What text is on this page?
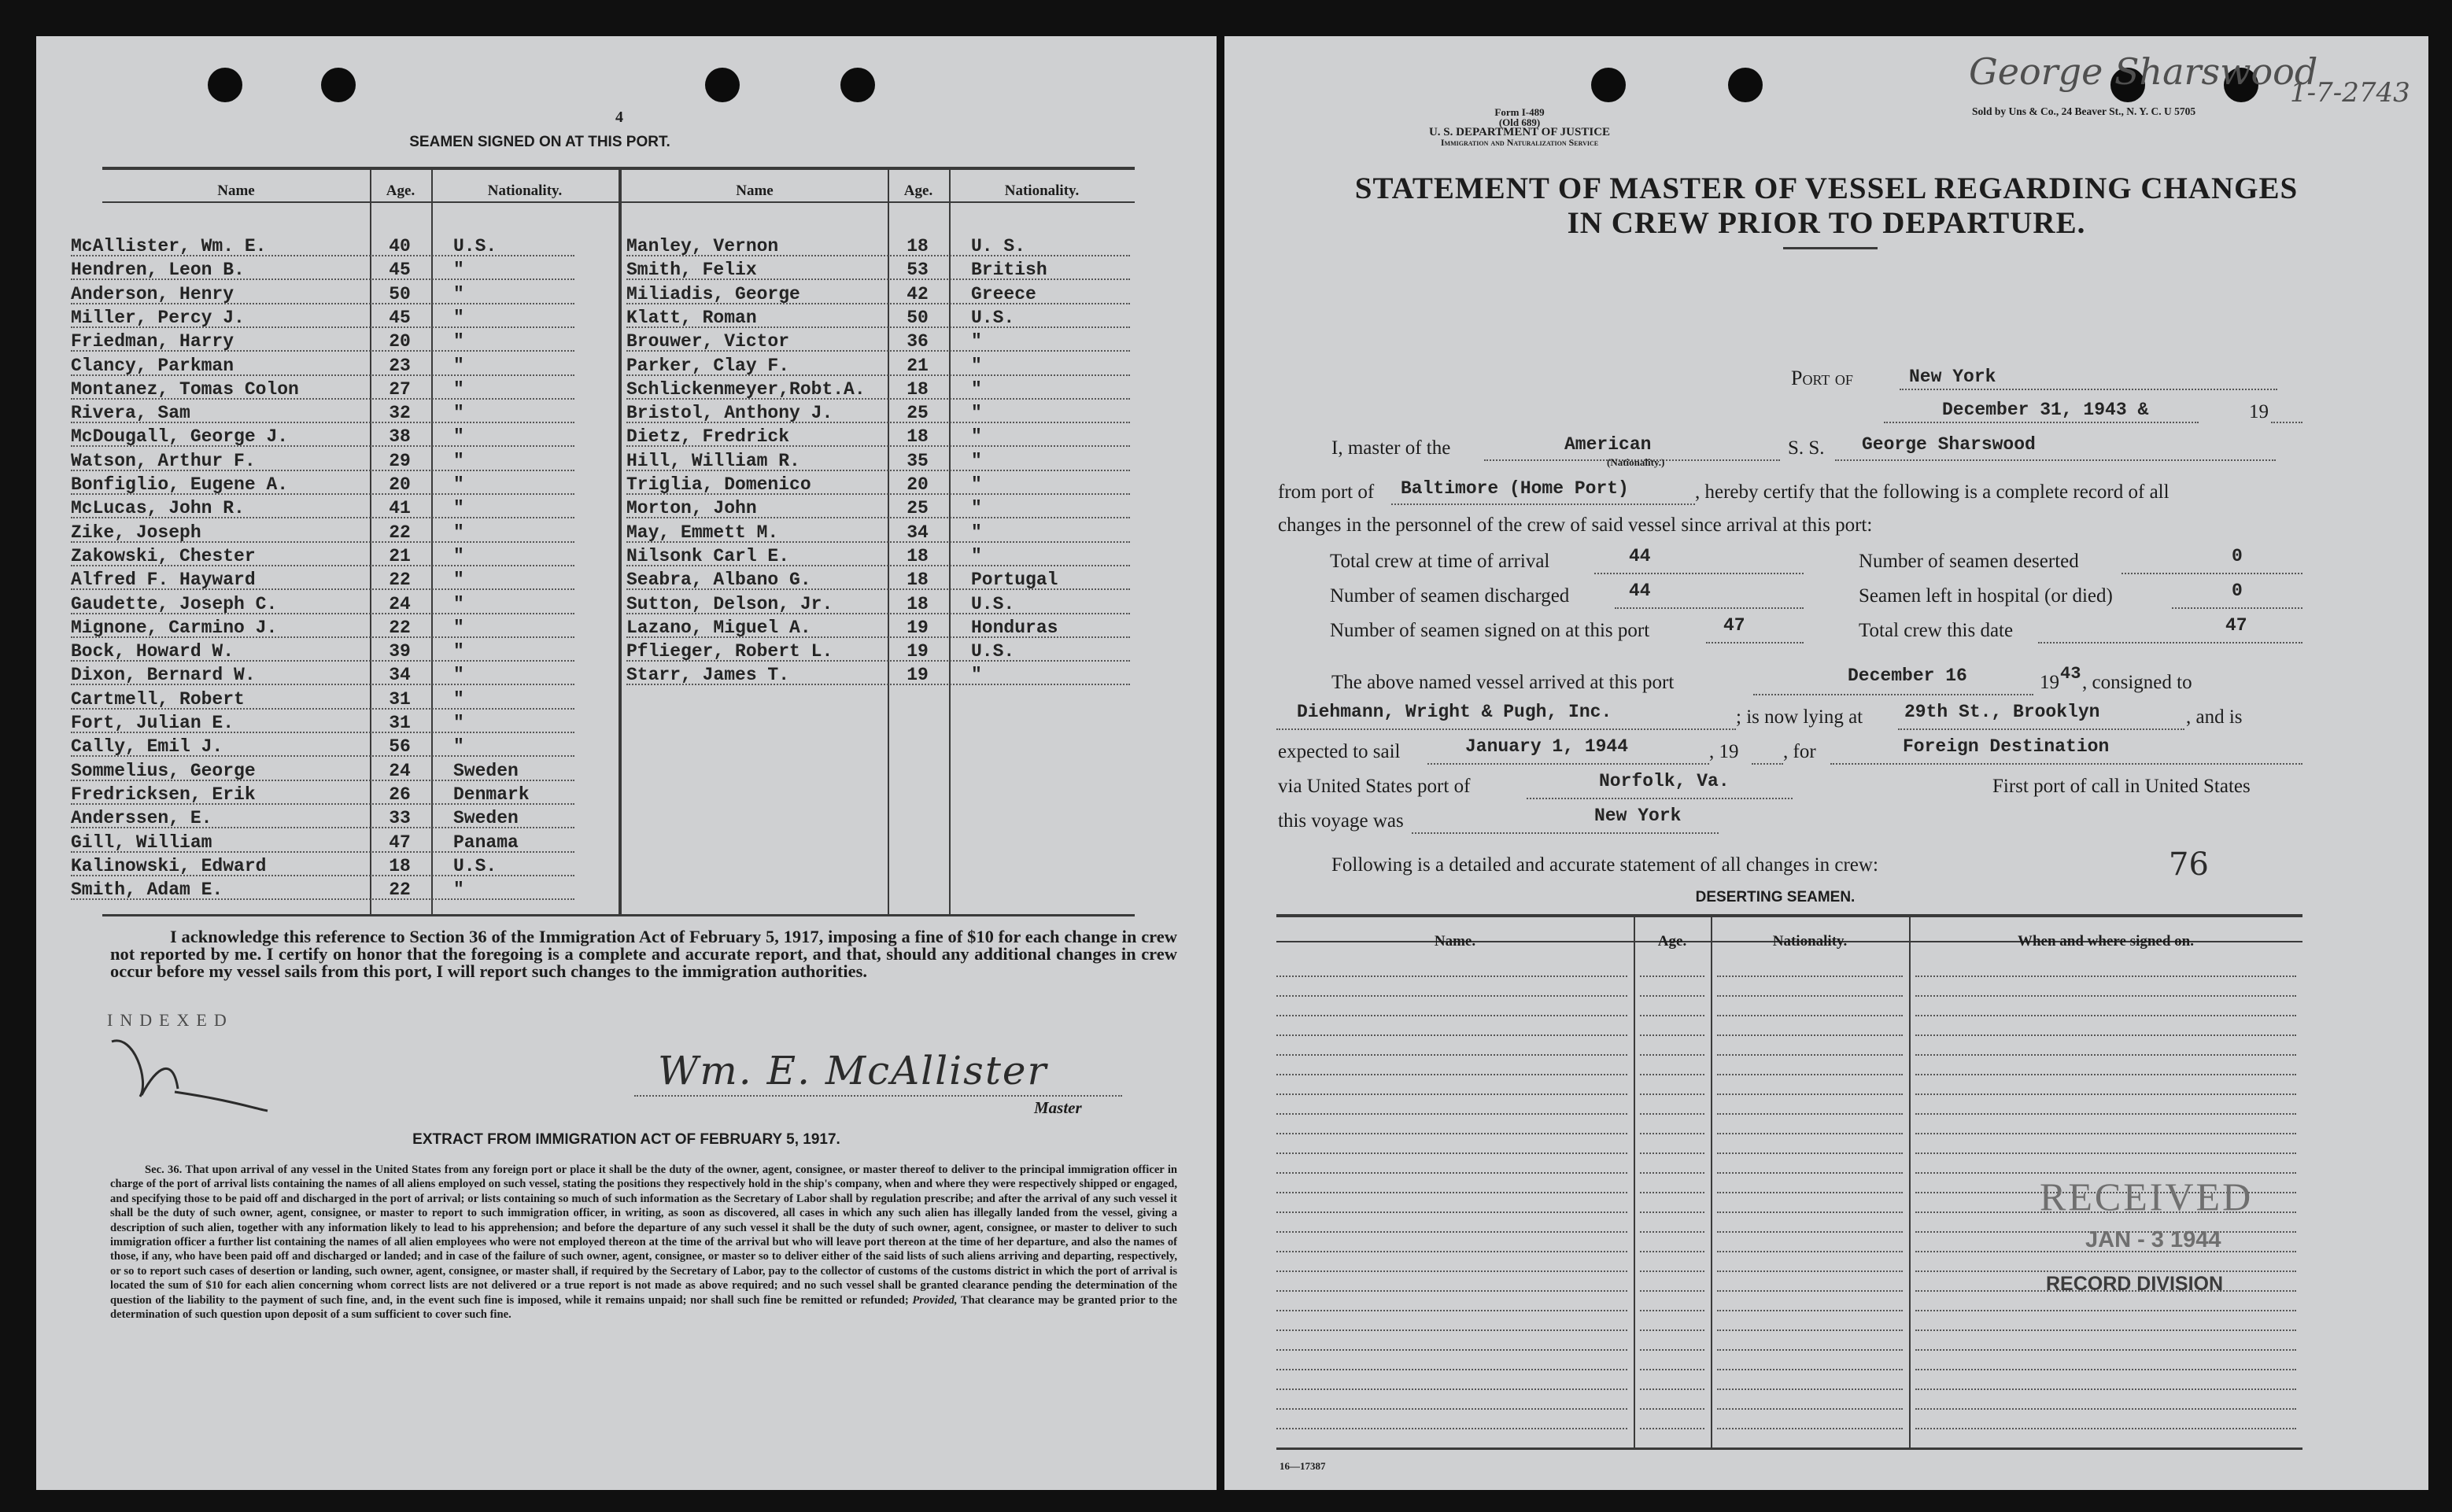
4
SEAMEN SIGNED ON AT THIS PORT.
Name	Age.	Nationality.	Name	Age.	Nationality.
McAllister, Wm. E.	40	U.S.
Hendren, Leon B.	45	"
Anderson, Henry	50	"
Miller, Percy J.	45	"
Friedman, Harry	20	"
Clancy, Parkman	23	"
Montanez, Tomas Colon	27	"
Rivera, Sam	32	"
McDougall, George J.	38	"
Watson, Arthur F.	29	"
Bonfiglio, Eugene A.	20	"
McLucas, John R.	41	"
Zike, Joseph	22	"
Zakowski, Chester	21	"
Alfred F. Hayward	22	"
Gaudette, Joseph C.	24	"
Mignone, Carmino J.	22	"
Bock, Howard W.	39	"
Dixon, Bernard W.	34	"
Cartmell, Robert	31	"
Fort, Julian E.	31	"
Cally, Emil J.	56	"
Sommelius, George	24	Sweden
Fredricksen, Erik	26	Denmark
Anderssen, E.	33	Sweden
Gill, William	47	Panama
Kalinowski, Edward	18	U.S.
Smith, Adam E.	22	"
Manley, Vernon	18	U. S.
Smith, Felix	53	British
Miliadis, George	42	Greece
Klatt, Roman	50	U.S.
Brouwer, Victor	36	"
Parker, Clay F.	21	"
Schlickenmeyer,Robt.A.	18	"
Bristol, Anthony J.	25	"
Dietz, Fredrick	18	"
Hill, William R.	35	"
Triglia, Domenico	20	"
Morton, John	25	"
May, Emmett M.	34	"
Nilsonk Carl E.	18	"
Seabra, Albano G.	18	Portugal
Sutton, Delson, Jr.	18	U.S.
Lazano, Miguel A.	19	Honduras
Pflieger, Robert L.	19	U.S.
Starr, James T.	19	"
I acknowledge this reference to Section 36 of the Immigration Act of February 5, 1917, imposing a fine of $10 for each change in crew not reported by me. I certify on honor that the foregoing is a complete and accurate report, and that, should any additional changes in crew occur before my vessel sails from this port, I will report such changes to the immigration authorities.
INDEXED
Wm. E. McAllister
Master
EXTRACT FROM IMMIGRATION ACT OF FEBRUARY 5, 1917.
Sec. 36. That upon arrival of any vessel in the United States from any foreign port or place it shall be the duty of the owner, agent, consignee, or master thereof to deliver to the principal immigration officer in charge of the port of arrival lists containing the names of all aliens employed on such vessel, stating the positions they respectively hold in the ship's company, when and where they were respectively shipped or engaged, and specifying those to be paid off and discharged in the port of arrival; or lists containing so much of such information as the Secretary of Labor shall by regulation prescribe; and after the arrival of any such vessel it shall be the duty of such owner, agent, consignee, or master to report to such immigration officer, in writing, as soon as discovered, all cases in which any such alien has illegally landed from the vessel, giving a description of such alien, together with any information likely to lead to his apprehension; and before the departure of any such vessel it shall be the duty of such owner, agent, consignee, or master to deliver to such immigration officer a further list containing the names of all alien employees who were not employed thereon at the time of the arrival but who will leave port thereon at the time of her departure, and also the names of those, if any, who have been paid off and discharged or landed; and in case of the failure of such owner, agent, consignee, or master so to deliver either of the said lists of such aliens arriving and departing, respectively, or so to report such cases of desertion or landing, such owner, agent, consignee, or master shall, if required by the Secretary of Labor, pay to the collector of customs of the customs district in which the port of arrival is located the sum of $10 for each alien concerning whom correct lists are not delivered or a true report is not made as above required; and no such vessel shall be granted clearance pending the determination of the question of the liability to the payment of such fine, and, in the event such fine is imposed, while it remains unpaid; nor shall such fine be remitted or refunded; Provided, That clearance may be granted prior to the determination of such question upon deposit of a sum sufficient to cover such fine.
George Sharswood
1-7-2743
Sold by Uns & Co., 24 Beaver St., N. Y. C. U 5705
Form I-489
(Old 689)
U. S. DEPARTMENT OF JUSTICE
Immigration and Naturalization Service
STATEMENT OF MASTER OF VESSEL REGARDING CHANGES
IN CREW PRIOR TO DEPARTURE.
Port of	New York
December 31, 1943 &	19
I, master of the	American
(Nationality.)
S. S. George Sharswood
from port of Baltimore (Home Port)	, hereby certify that the following is a complete record of all
changes in the personnel of the crew of said vessel since arrival at this port:
Total crew at time of arrival	44	Number of seamen deserted	0
Number of seamen discharged	44	Seamen left in hospital (or died)	0
Number of seamen signed on at this port	47	Total crew this date	47
The above named vessel arrived at this port	December 16	19 43 , consigned to
Diehmann, Wright & Pugh, Inc.	; is now lying at 29th St., Brooklyn	, and is
expected to sail	January 1, 1944	, 19 , for	Foreign Destination
via United States port of	Norfolk, Va.	First port of call in United States
this voyage was	New York
Following is a detailed and accurate statement of all changes in crew:	76
DESERTING SEAMEN.
Name.	Age.	Nationality.	When and where signed on.
RECEIVED
JAN - 3 1944
RECORD DIVISION
16—17387
